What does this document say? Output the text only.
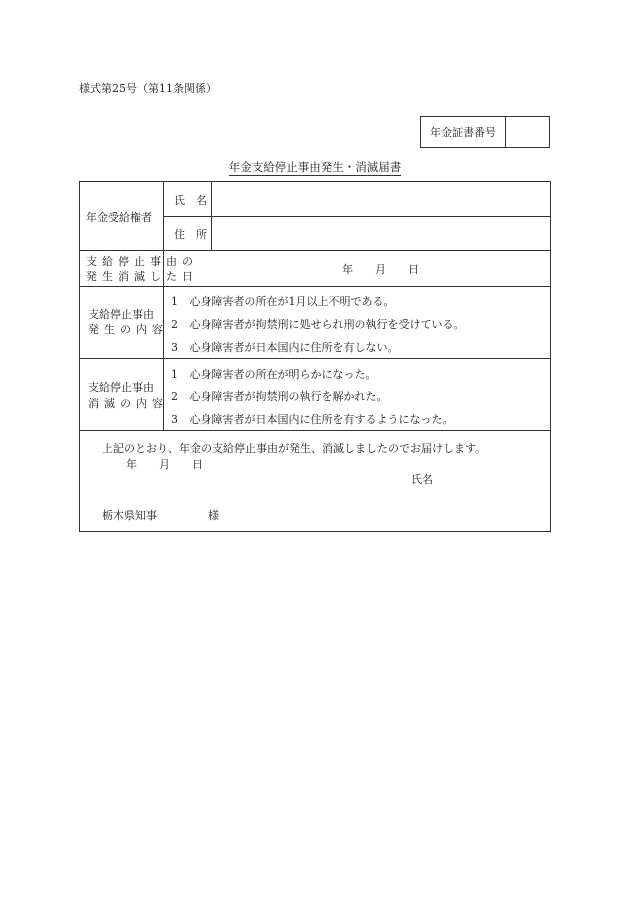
様式第25号（第11条関係）
年金証書番号
年金支給停止事由発生・消滅届書
年金受給権者
氏　名
住　所
支給停止事由の
発生消滅した日
年 月 日
支給停止事由
発生の内容
1 心身障害者の所在が1月以上不明である。
2 心身障害者が拘禁刑に処せられ刑の執行を受けている。
3 心身障害者が日本国内に住所を有しない。
支給停止事由
消滅の内容
1 心身障害者の所在が明らかになった。
2 心身障害者が拘禁刑の執行を解かれた。
3 心身障害者が日本国内に住所を有するようになった。
上記のとおり、年金の支給停止事由が発生、消滅しましたのでお届けします。
年 月 日
氏名
栃木県知事	様
